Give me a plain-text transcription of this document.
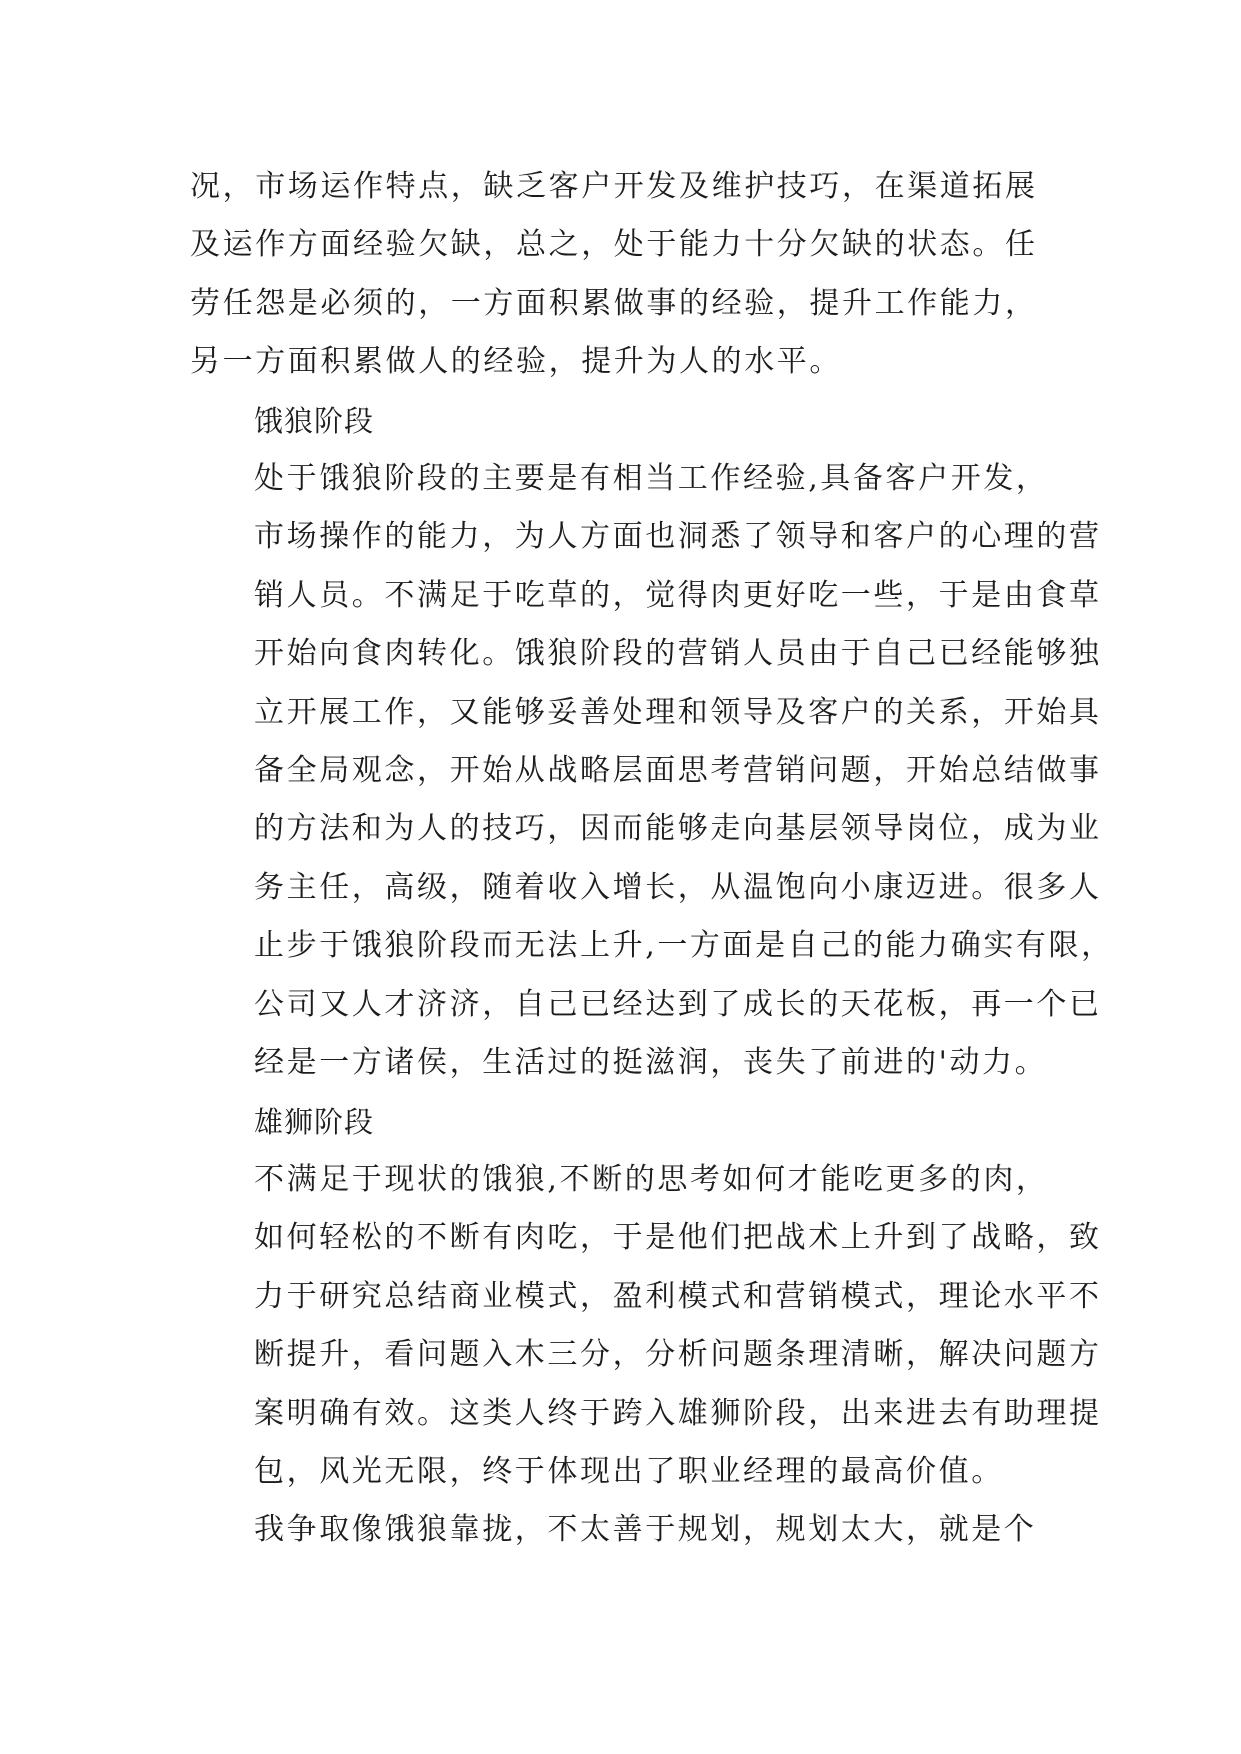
况，市场运作特点，缺乏客户开发及维护技巧，在渠道拓展
及运作方面经验欠缺，总之，处于能力十分欠缺的状态。任
劳任怨是必须的，一方面积累做事的经验，提升工作能力，
另一方面积累做人的经验，提升为人的水平。

饿狼阶段

处于饿狼阶段的主要是有相当工作经验,具备客户开发，
市场操作的能力，为人方面也洞悉了领导和客户的心理的营
销人员。不满足于吃草的，觉得肉更好吃一些，于是由食草
开始向食肉转化。饿狼阶段的营销人员由于自己已经能够独
立开展工作，又能够妥善处理和领导及客户的关系，开始具
备全局观念，开始从战略层面思考营销问题，开始总结做事
的方法和为人的技巧，因而能够走向基层领导岗位，成为业
务主任，高级，随着收入增长，从温饱向小康迈进。很多人
止步于饿狼阶段而无法上升,一方面是自己的能力确实有限，
公司又人才济济，自己已经达到了成长的天花板，再一个已
经是一方诸侯，生活过的挺滋润，丧失了前进的'动力。

雄狮阶段

不满足于现状的饿狼,不断的思考如何才能吃更多的肉，
如何轻松的不断有肉吃，于是他们把战术上升到了战略，致
力于研究总结商业模式，盈利模式和营销模式，理论水平不
断提升，看问题入木三分，分析问题条理清晰，解决问题方
案明确有效。这类人终于跨入雄狮阶段，出来进去有助理提
包，风光无限，终于体现出了职业经理的最高价值。

我争取像饿狼靠拢，不太善于规划，规划太大，就是个
